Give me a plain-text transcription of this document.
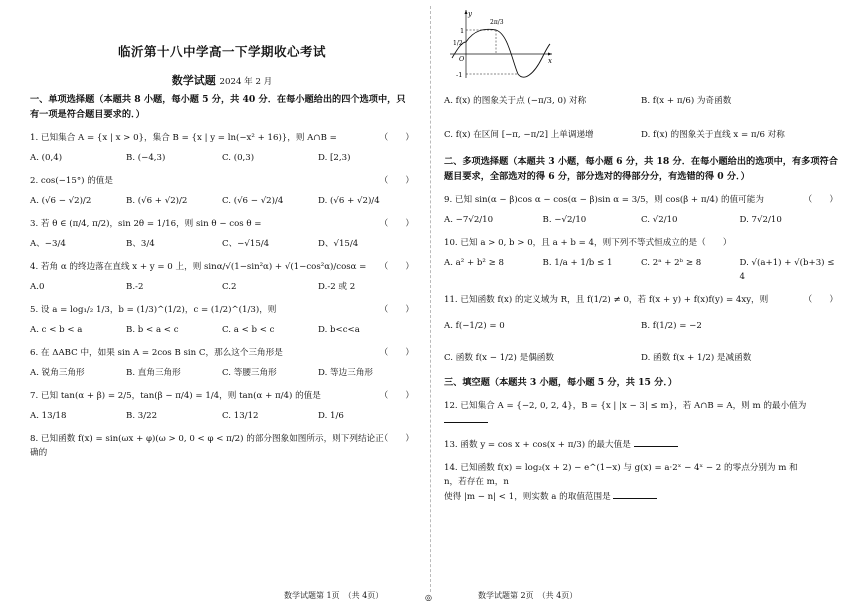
临沂第十八中学高一下学期收心考试
数学试题 2024 年 2 月
一、单项选择题（本题共 8 小题，每小题 5 分，共 40 分．在每小题给出的四个选项中，只有一项是符合题目要求的．）
1. 已知集合 A = {x | x > 0}，集合 B = {x | y = ln(−x² + 16)}，则 A∩B =	（　　）
A. (0,4)	B. (−4,3)	C. (0,3)	D. [2,3)
2. cos(−15°) 的值是	（　　）
A. (√6 − √2)/2	B. (√6 + √2)/2	C. (√6 − √2)/4	D. (√6 + √2)/4
3. 若 θ ∈ (π/4, π/2)，sin 2θ = 1/16，则 sin θ − cos θ =	（　　）
A、−3/4	B、3/4	C、−√15/4	D、√15/4
4. 若角 α 的终边落在直线 x + y = 0 上，则 sinα/√(1−sin²α) + √(1−cos²α)/cosα = （　　）
A.0	B.-2	C.2	D.-2 或 2
5. 设 a = log₁/₂ 1/3，b = (1/3)^(1/2)，c = (1/2)^(1/3)，则	（　　）
A. c < b < a	B. b < a < c	C. a < b < c	D. b<c<a
6. 在 ΔABC 中，如果 sin A = 2cos B sin C，那么这个三角形是	（　　）
A. 锐角三角形	B. 直角三角形	C. 等腰三角形	D. 等边三角形
7. 已知 tan(α + β) = 2/5，tan(β − π/4) = 1/4，则 tan(α + π/4) 的值是	（　　）
A. 13/18	B. 3/22	C. 13/12	D. 1/6
8. 已知函数 f(x) = sin(ωx + φ)(ω > 0, 0 < φ < π/2) 的部分图象如图所示，则下列结论正确的
（　　）
数学试题第 1页　（共 4页）
y
1
1/2
O
-1
2π/3
x
A. f(x) 的图象关于点 (−π/3, 0) 对称	B. f(x + π/6) 为奇函数
C. f(x) 在区间 [−π, −π/2] 上单调递增	D. f(x) 的图象关于直线 x = π/6 对称
二、多项选择题（本题共 3 小题，每小题 6 分，共 18 分．在每小题给出的选项中，有多项符合题目要求，全部选对的得 6 分，部分选对的得部分分，有选错的得 0 分．）
9. 已知 sin(α − β)cos α − cos(α − β)sin α = 3/5，则 cos(β + π/4) 的值可能为	（　　）
A. −7√2/10	B. −√2/10	C. √2/10	D. 7√2/10
10. 已知 a > 0, b > 0，且 a + b = 4，则下列不等式恒成立的是（　　）
A. a² + b² ≥ 8	B. 1/a + 1/b ≤ 1	C. 2ᵃ + 2ᵇ ≥ 8	D. √(a+1) + √(b+3) ≤ 4
11. 已知函数 f(x) 的定义域为 R，且 f(1/2) ≠ 0，若 f(x + y) + f(x)f(y) = 4xy，则	（　　）
A. f(−1/2) = 0	B. f(1/2) = −2
C. 函数 f(x − 1/2) 是偶函数	D. 函数 f(x + 1/2) 是减函数
三、填空题（本题共 3 小题，每小题 5 分，共 15 分．）
12. 已知集合 A = {−2, 0, 2, 4}，B = {x | |x − 3| ≤ m}，若 A∩B = A，则 m 的最小值为
13. 函数 y = cos x + cos(x + π/3) 的最大值是
14. 已知函数 f(x) = log₂(x + 2) − e^(1−x) 与 g(x) = a·2ˣ − 4ˣ − 2 的零点分别为 m 和 n，若存在 m，n
使得 |m − n| < 1，则实数 a 的取值范围是
◎	数学试题第 2页　（共 4页）
